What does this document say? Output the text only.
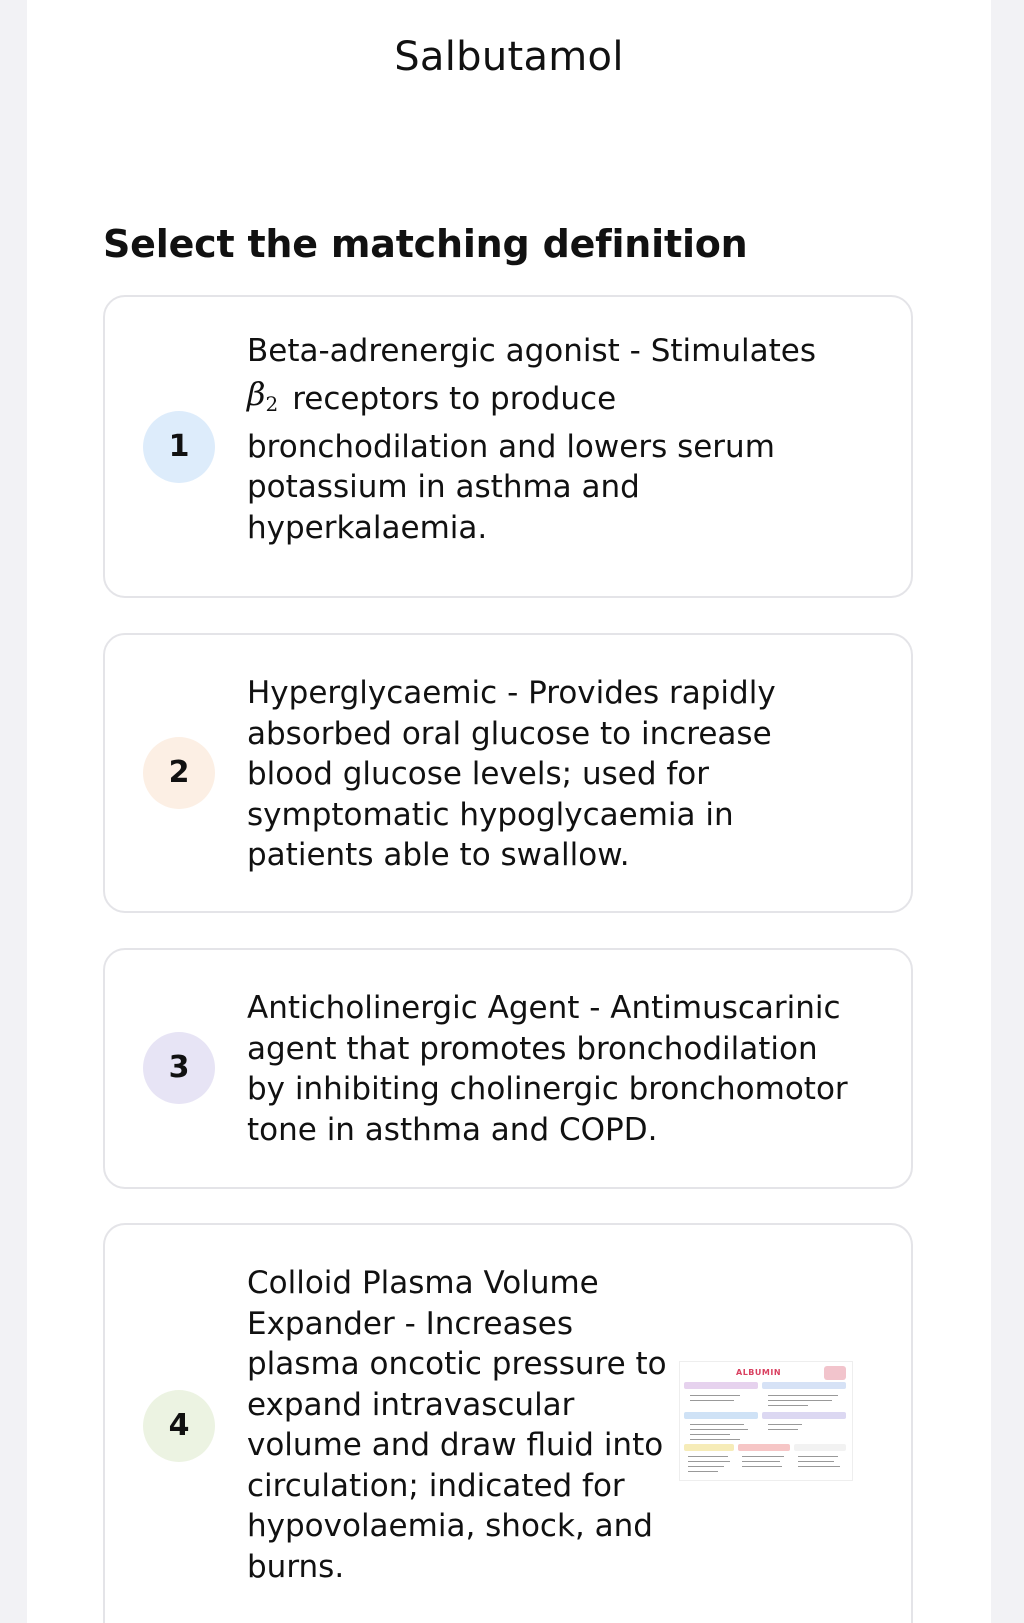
Salbutamol
Select the matching definition
1

Beta-adrenergic agonist - Stimulates

$\beta_2$ receptors to produce

bronchodilation and lowers serum potassium in asthma and hyperkalaemia.

2
Hyperglycaemic - Provides rapidly absorbed oral glucose to increase blood glucose levels; used for symptomatic hypoglycaemia in patients able to swallow.
3
Anticholinergic Agent - Antimuscarinic agent that promotes bronchodilation by inhibiting cholinergic bronchomotor tone in asthma and COPD.
4
Colloid Plasma Volume Expander - Increases plasma oncotic pressure to expand intravascular volume and draw fluid into circulation; indicated for hypovolaemia, shock, and burns.
ALBUMIN
